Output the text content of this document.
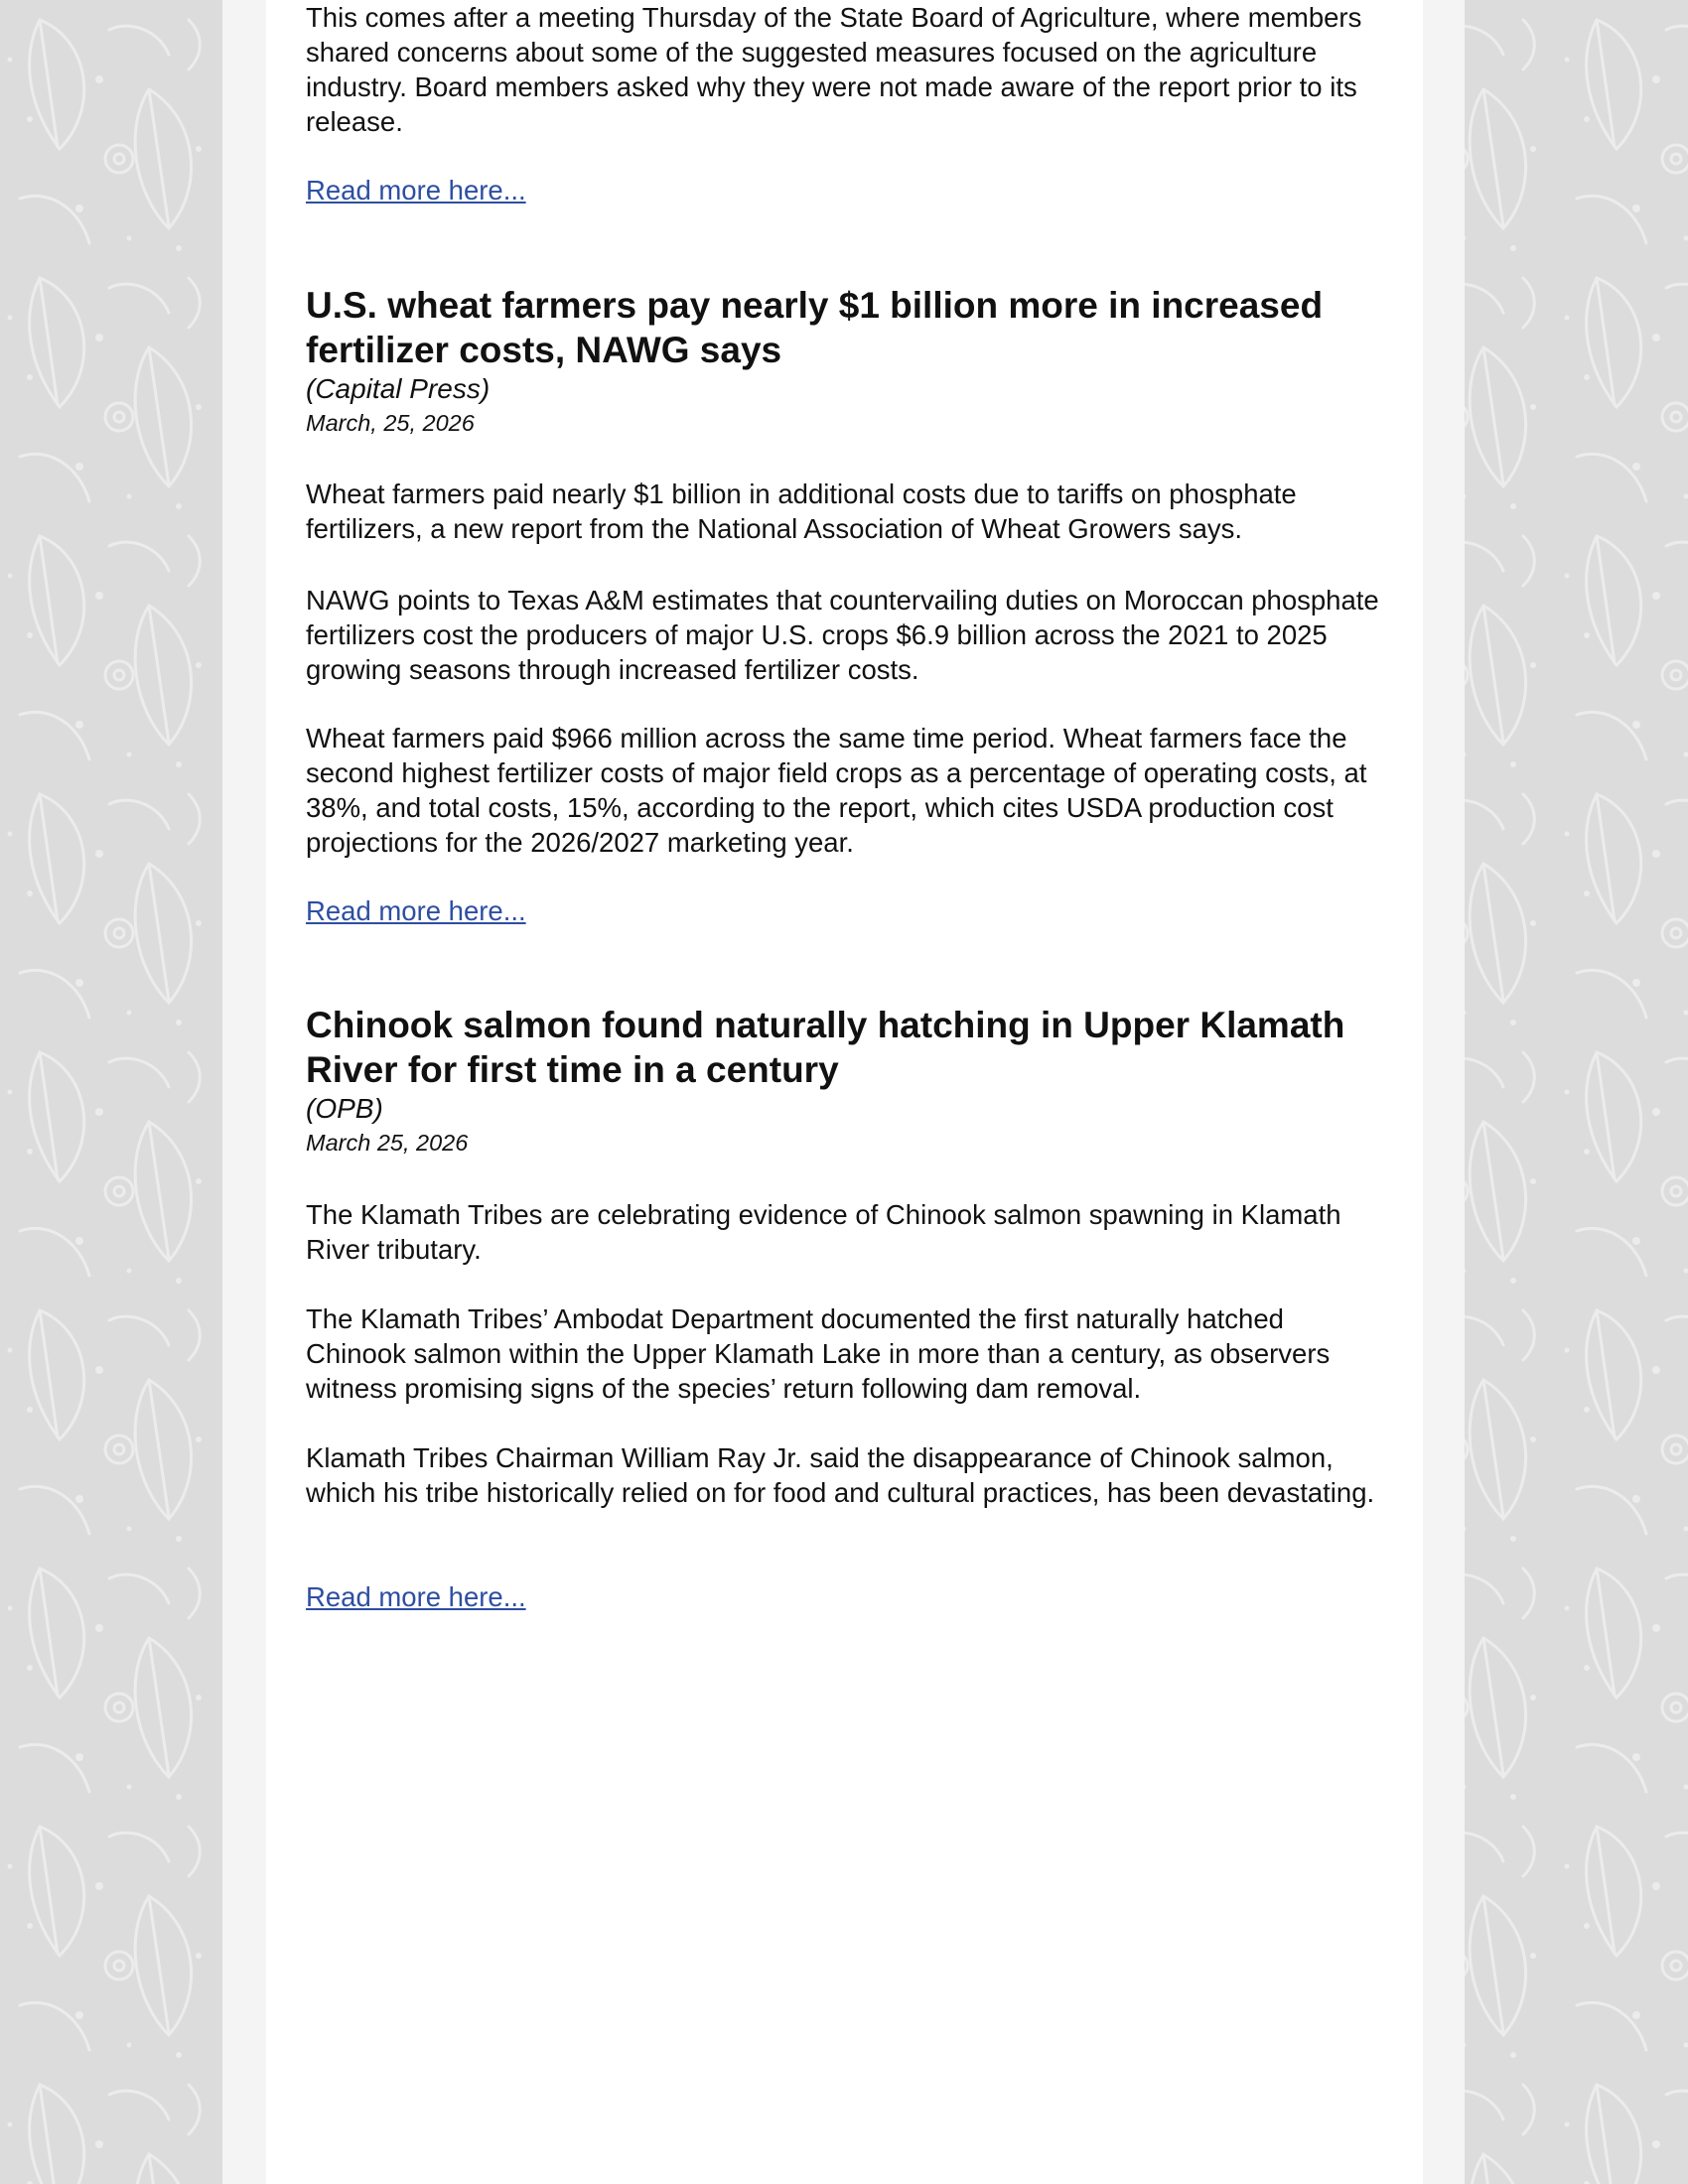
This comes after a meeting Thursday of the State Board of Agriculture, where members shared concerns about some of the suggested measures focused on the agriculture industry. Board members asked why they were not made aware of the report prior to its release.

Read more here...
U.S. wheat farmers pay nearly $1 billion more in increased fertilizer costs, NAWG says
(Capital Press)
March, 25, 2026

Wheat farmers paid nearly $1 billion in additional costs due to tariffs on phosphate fertilizers, a new report from the National Association of Wheat Growers says.

NAWG points to Texas A&M estimates that countervailing duties on Moroccan phosphate fertilizers cost the producers of major U.S. crops $6.9 billion across the 2021 to 2025 growing seasons through increased fertilizer costs.

Wheat farmers paid $966 million across the same time period. Wheat farmers face the second highest fertilizer costs of major field crops as a percentage of operating costs, at 38%, and total costs, 15%, according to the report, which cites USDA production cost projections for the 2026/2027 marketing year.

Read more here...
Chinook salmon found naturally hatching in Upper Klamath River for first time in a century
(OPB)
March 25, 2026

The Klamath Tribes are celebrating evidence of Chinook salmon spawning in Klamath River tributary.

The Klamath Tribes’ Ambodat Department documented the first naturally hatched Chinook salmon within the Upper Klamath Lake in more than a century, as observers witness promising signs of the species’ return following dam removal.

Klamath Tribes Chairman William Ray Jr. said the disappearance of Chinook salmon, which his tribe historically relied on for food and cultural practices, has been devastating.

Read more here...
